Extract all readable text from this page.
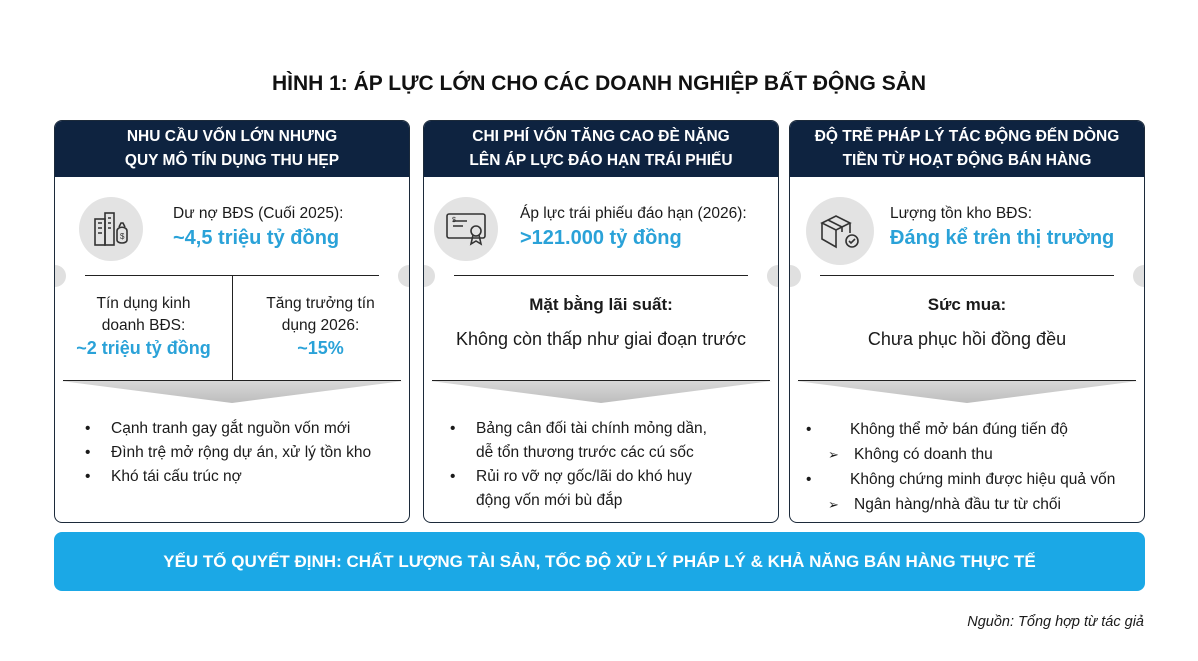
HÌNH 1: ÁP LỰC LỚN CHO CÁC DOANH NGHIỆP BẤT ĐỘNG SẢN
NHU CẦU VỐN LỚN NHƯNG
QUY MÔ TÍN DỤNG THU HẸP
$
Dư nợ BĐS (Cuối 2025):
~4,5 triệu tỷ đồng
Tín dụng kinh
doanh BĐS:
~2 triệu tỷ đồng
Tăng trưởng tín
dụng 2026:
~15%
• Cạnh tranh gay gắt nguồn vốn mới
• Đình trệ mở rộng dự án, xử lý tồn kho
• Khó tái cấu trúc nợ
CHI PHÍ VỐN TĂNG CAO ĐÈ NẶNG
LÊN ÁP LỰC ĐÁO HẠN TRÁI PHIẾU
$	Áp lực trái phiếu đáo hạn (2026):
>121.000 tỷ đồng
Mặt bằng lãi suất:
Không còn thấp như giai đoạn trước
• Bảng cân đối tài chính mỏng dần,
dễ tổn thương trước các cú sốc
• Rủi ro vỡ nợ gốc/lãi do khó huy
động vốn mới bù đắp
ĐỘ TRỄ PHÁP LÝ TÁC ĐỘNG ĐẾN DÒNG
TIỀN TỪ HOẠT ĐỘNG BÁN HÀNG
Lượng tồn kho BĐS:
Đáng kể trên thị trường
Sức mua:
Chưa phục hồi đồng đều
• Không thể mở bán đúng tiến độ
➢ Không có doanh thu
• Không chứng minh được hiệu quả vốn
➢ Ngân hàng/nhà đầu tư từ chối
YẾU TỐ QUYẾT ĐỊNH: CHẤT LƯỢNG TÀI SẢN, TỐC ĐỘ XỬ LÝ PHÁP LÝ & KHẢ NĂNG BÁN HÀNG THỰC TẾ
Nguồn: Tổng hợp từ tác giả
